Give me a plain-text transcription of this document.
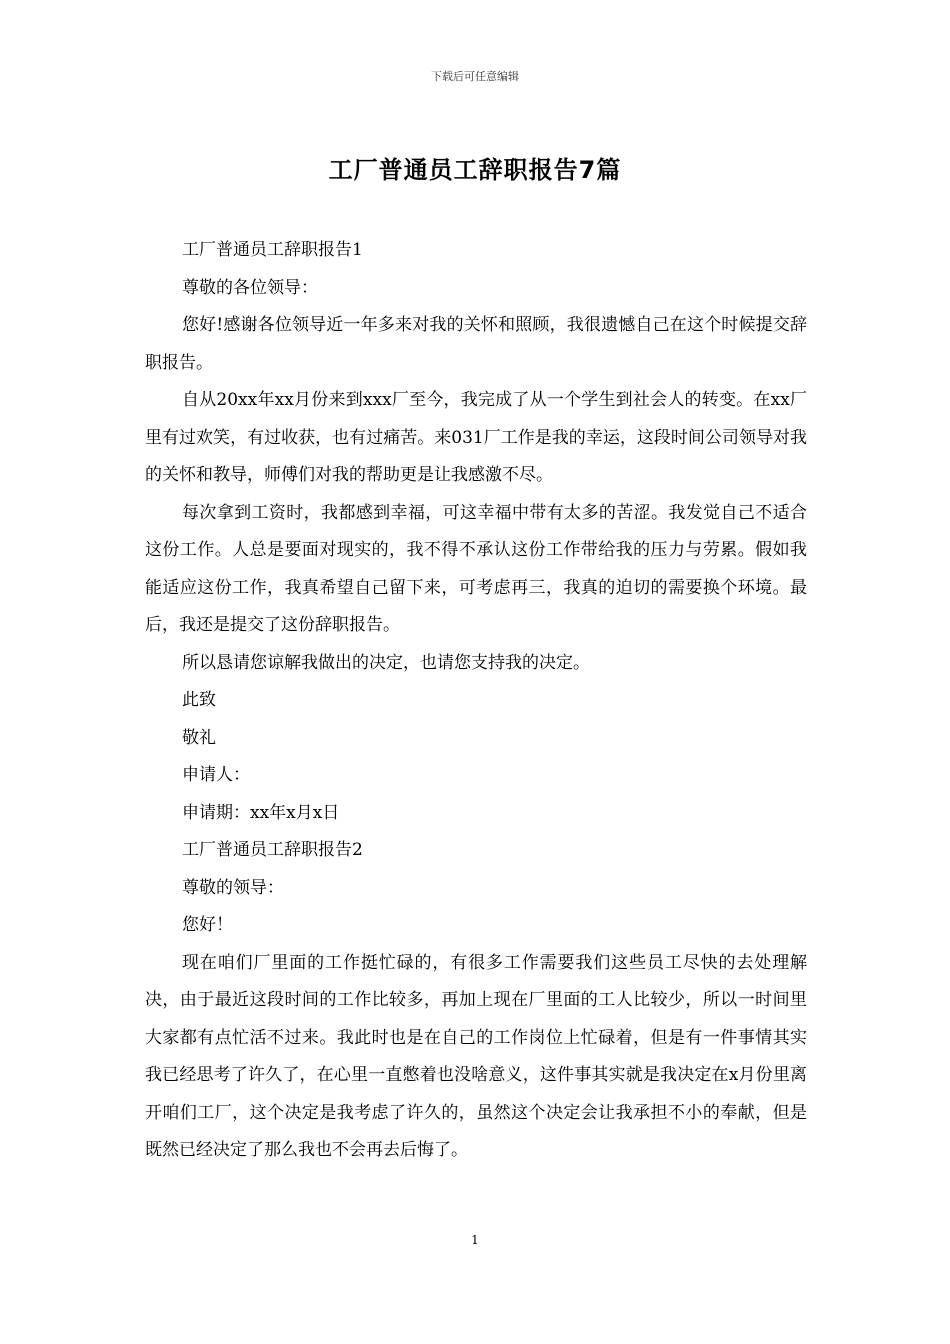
下载后可任意编辑
工厂普通员工辞职报告7篇

工厂普通员工辞职报告1

尊敬的各位领导：

您好!感谢各位领导近一年多来对我的关怀和照顾，我很遗憾自己在这个时候提交辞职报告。

自从20xx年xx月份来到xxx厂至今，我完成了从一个学生到社会人的转变。在xx厂里有过欢笑，有过收获，也有过痛苦。来031厂工作是我的幸运，这段时间公司领导对我的关怀和教导，师傅们对我的帮助更是让我感激不尽。

每次拿到工资时，我都感到幸福，可这幸福中带有太多的苦涩。我发觉自己不适合这份工作。人总是要面对现实的，我不得不承认这份工作带给我的压力与劳累。假如我能适应这份工作，我真希望自己留下来，可考虑再三，我真的迫切的需要换个环境。最后，我还是提交了这份辞职报告。

所以恳请您谅解我做出的决定，也请您支持我的决定。

此致

敬礼

申请人：

申请期：xx年x月x日

工厂普通员工辞职报告2

尊敬的领导：

您好！

现在咱们厂里面的工作挺忙碌的，有很多工作需要我们这些员工尽快的去处理解决，由于最近这段时间的工作比较多，再加上现在厂里面的工人比较少，所以一时间里大家都有点忙活不过来。我此时也是在自己的工作岗位上忙碌着，但是有一件事情其实我已经思考了许久了，在心里一直憋着也没啥意义，这件事其实就是我决定在x月份里离开咱们工厂，这个决定是我考虑了许久的，虽然这个决定会让我承担不小的奉献，但是既然已经决定了那么我也不会再去后悔了。

1
